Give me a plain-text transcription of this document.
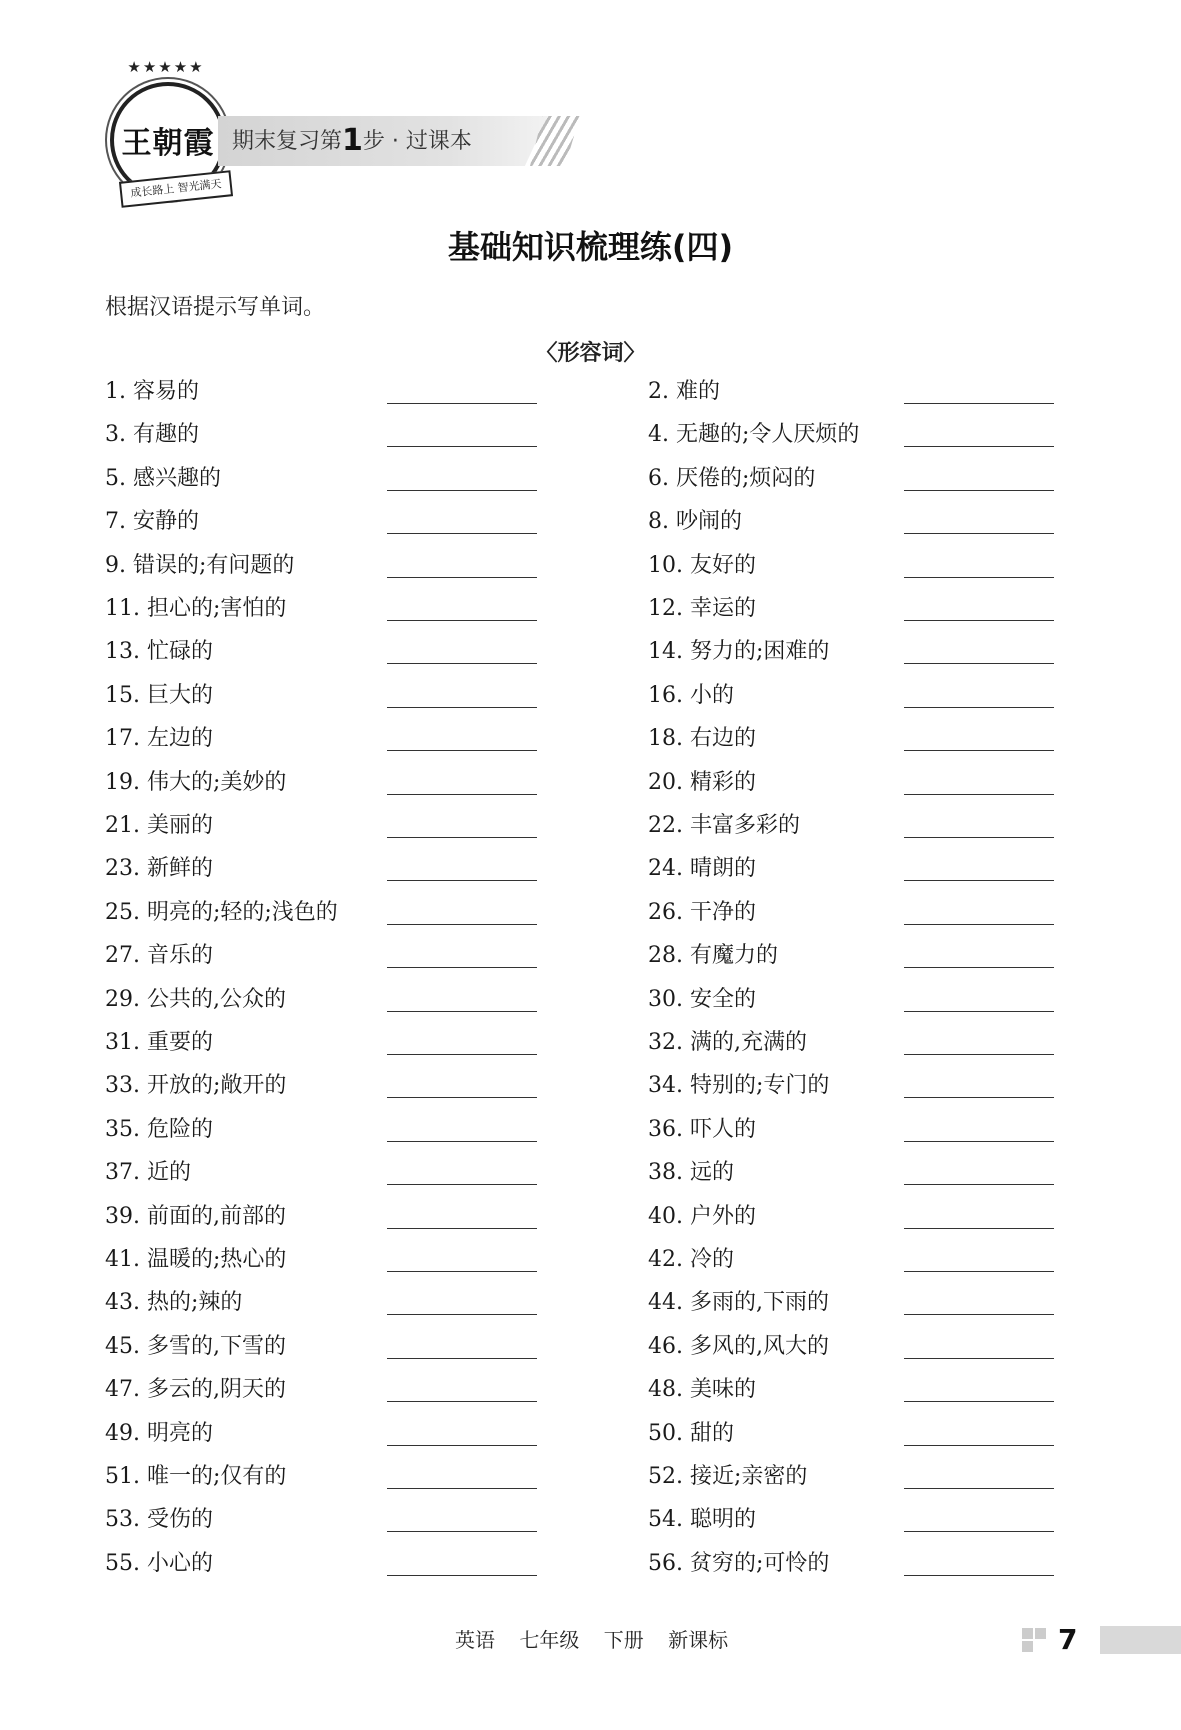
王朝霞
★★★★★
成长路上 智光满天
期末复习第1步 · 过课本
基础知识梳理练(四)
根据汉语提示写单词。
〈形容词〉
1. 容易的	2. 难的
3. 有趣的	4. 无趣的;令人厌烦的
5. 感兴趣的	6. 厌倦的;烦闷的
7. 安静的	8. 吵闹的
9. 错误的;有问题的	10. 友好的
11. 担心的;害怕的	12. 幸运的
13. 忙碌的	14. 努力的;困难的
15. 巨大的	16. 小的
17. 左边的	18. 右边的
19. 伟大的;美妙的	20. 精彩的
21. 美丽的	22. 丰富多彩的
23. 新鲜的	24. 晴朗的
25. 明亮的;轻的;浅色的	26. 干净的
27. 音乐的	28. 有魔力的
29. 公共的,公众的	30. 安全的
31. 重要的	32. 满的,充满的
33. 开放的;敞开的	34. 特别的;专门的
35. 危险的	36. 吓人的
37. 近的	38. 远的
39. 前面的,前部的	40. 户外的
41. 温暖的;热心的	42. 冷的
43. 热的;辣的	44. 多雨的,下雨的
45. 多雪的,下雪的	46. 多风的,风大的
47. 多云的,阴天的	48. 美味的
49. 明亮的	50. 甜的
51. 唯一的;仅有的	52. 接近;亲密的
53. 受伤的	54. 聪明的
55. 小心的	56. 贫穷的;可怜的
英语 七年级 下册 新课标	7
